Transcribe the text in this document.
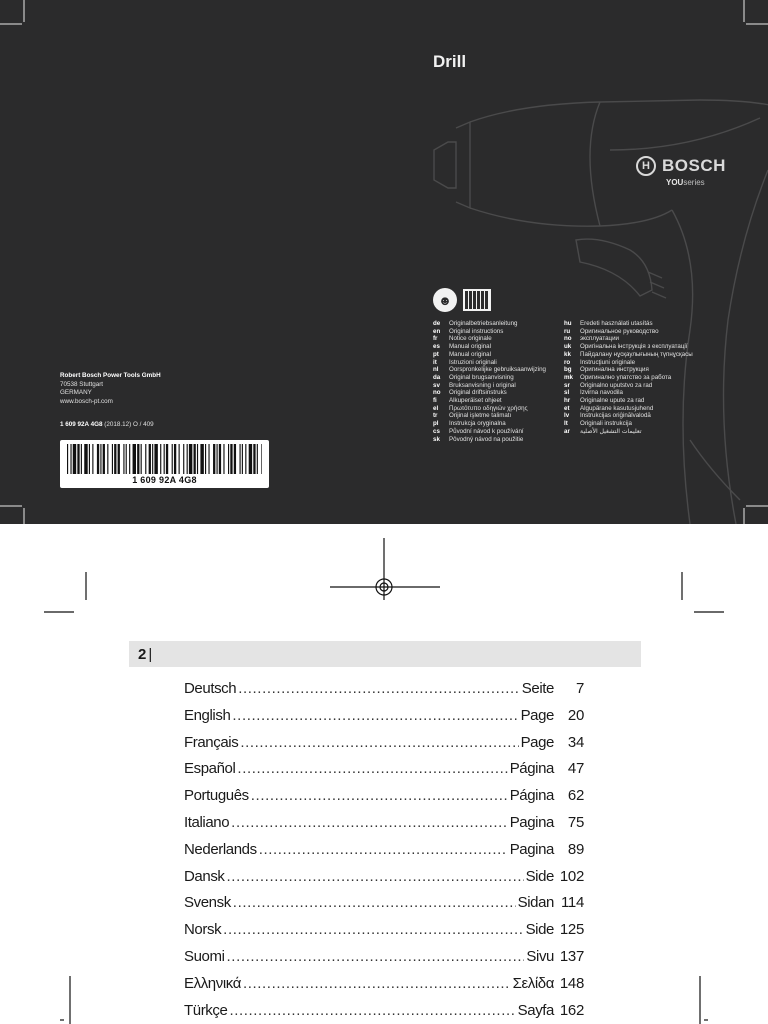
Drill
H BOSCH
YOUseries
☻
de	Originalbetriebsanleitung
en	Original instructions
fr	Notice originale
es	Manual original
pt	Manual original
it	Istruzioni originali
nl	Oorspronkelijke gebruiksaanwijzing
da	Original brugsanvisning
sv	Bruksanvisning i original
no	Original driftsinstruks
fi	Alkuperäiset ohjeet
el	Πρωτότυπο οδηγιών χρήσης
tr	Orijinal işletme talimatı
pl	Instrukcja oryginalna
cs	Původní návod k používání
sk	Pôvodný návod na použitie
hu	Eredeti használati utasítás
ru	Оригинальное руководство
no	эксплуатации
uk	Оригінальна інструкція з експлуатації
kk	Пайдалану нұсқаулығының түпнұсқасы
ro	Instrucţiuni originale
bg	Оригинална инструкция
mk	Оригинално упатство за работа
sr	Originalno uputstvo za rad
sl	Izvirna navodila
hr	Originalne upute za rad
et	Algupärane kasutusjuhend
lv	Instrukcijas oriģinālvalodā
lt	Originali instrukcija
ar	تعليمات التشغيل الأصلية
Robert Bosch Power Tools GmbH
70538 Stuttgart
GERMANY
www.bosch-pt.com
1 609 92A 4G8 (2018.12) O / 409
1 609 92A 4G8
2 |
Deutsch .....	Seite	7
English .....	Page 20
Français .....	Page 34
Español .....	Página 47
Português .....	Página 62
Italiano .....	Pagina 75
Nederlands .....	Pagina 89
Dansk .....	Side 102
Svensk .....	Sidan 114
Norsk .....	Side 125
Suomi .....	Sivu 137
Ελληνικά .....	Σελίδα 148
Türkçe .....	Sayfa 162
